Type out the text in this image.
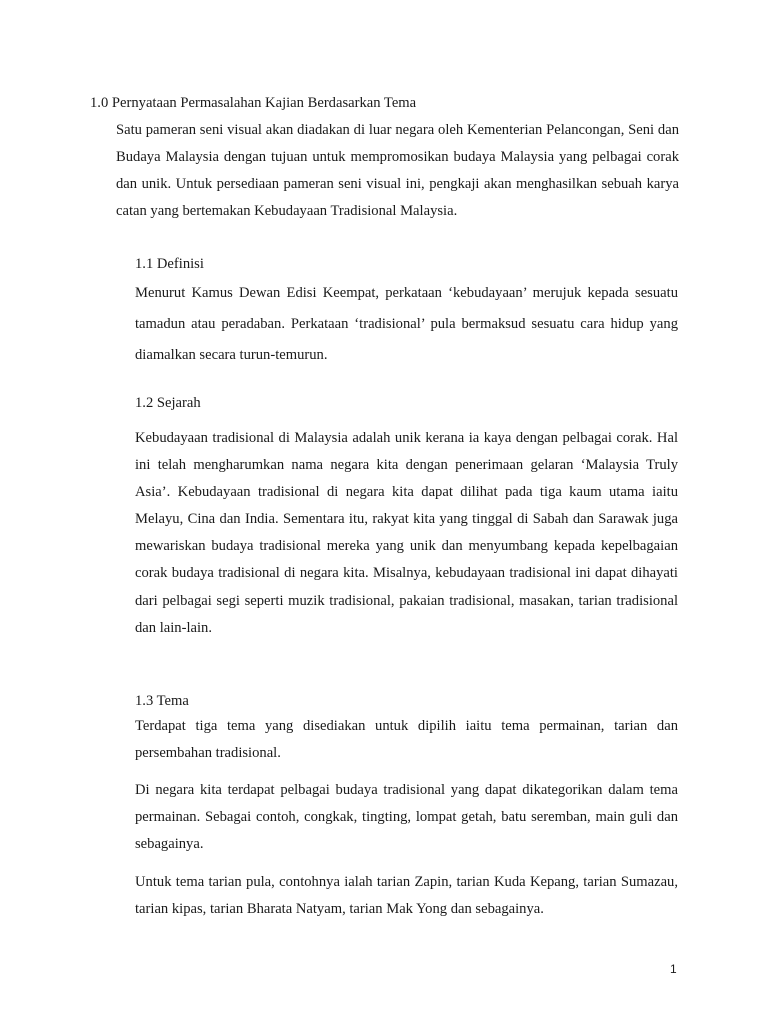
1.0 Pernyataan Permasalahan Kajian Berdasarkan Tema

Satu pameran seni visual akan diadakan di luar negara oleh Kementerian Pelancongan, Seni dan Budaya Malaysia dengan tujuan untuk mempromosikan budaya Malaysia yang pelbagai corak dan unik. Untuk persediaan pameran seni visual ini, pengkaji akan menghasilkan sebuah karya catan yang bertemakan Kebudayaan Tradisional Malaysia.

1.1 Definisi

Menurut Kamus Dewan Edisi Keempat, perkataan ‘kebudayaan’ merujuk kepada sesuatu tamadun atau peradaban. Perkataan ‘tradisional’ pula bermaksud sesuatu cara hidup yang diamalkan secara turun-temurun.

1.2 Sejarah

Kebudayaan tradisional di Malaysia adalah unik kerana ia kaya dengan pelbagai corak. Hal ini telah mengharumkan nama negara kita dengan penerimaan gelaran ‘Malaysia Truly Asia’. Kebudayaan tradisional di negara kita dapat dilihat pada tiga kaum utama iaitu Melayu, Cina dan India. Sementara itu, rakyat kita yang tinggal di Sabah dan Sarawak juga mewariskan budaya tradisional mereka yang unik dan menyumbang kepada kepelbagaian corak budaya tradisional di negara kita. Misalnya, kebudayaan tradisional ini dapat dihayati dari pelbagai segi seperti muzik tradisional, pakaian tradisional, masakan, tarian tradisional dan lain-lain.

1.3 Tema

Terdapat tiga tema yang disediakan untuk dipilih iaitu tema permainan, tarian dan persembahan tradisional.

Di negara kita terdapat pelbagai budaya tradisional yang dapat dikategorikan dalam tema permainan. Sebagai contoh, congkak, tingting, lompat getah, batu seremban, main guli dan sebagainya.

Untuk tema tarian pula, contohnya ialah tarian Zapin, tarian Kuda Kepang, tarian Sumazau, tarian kipas, tarian Bharata Natyam, tarian Mak Yong dan sebagainya.

1
